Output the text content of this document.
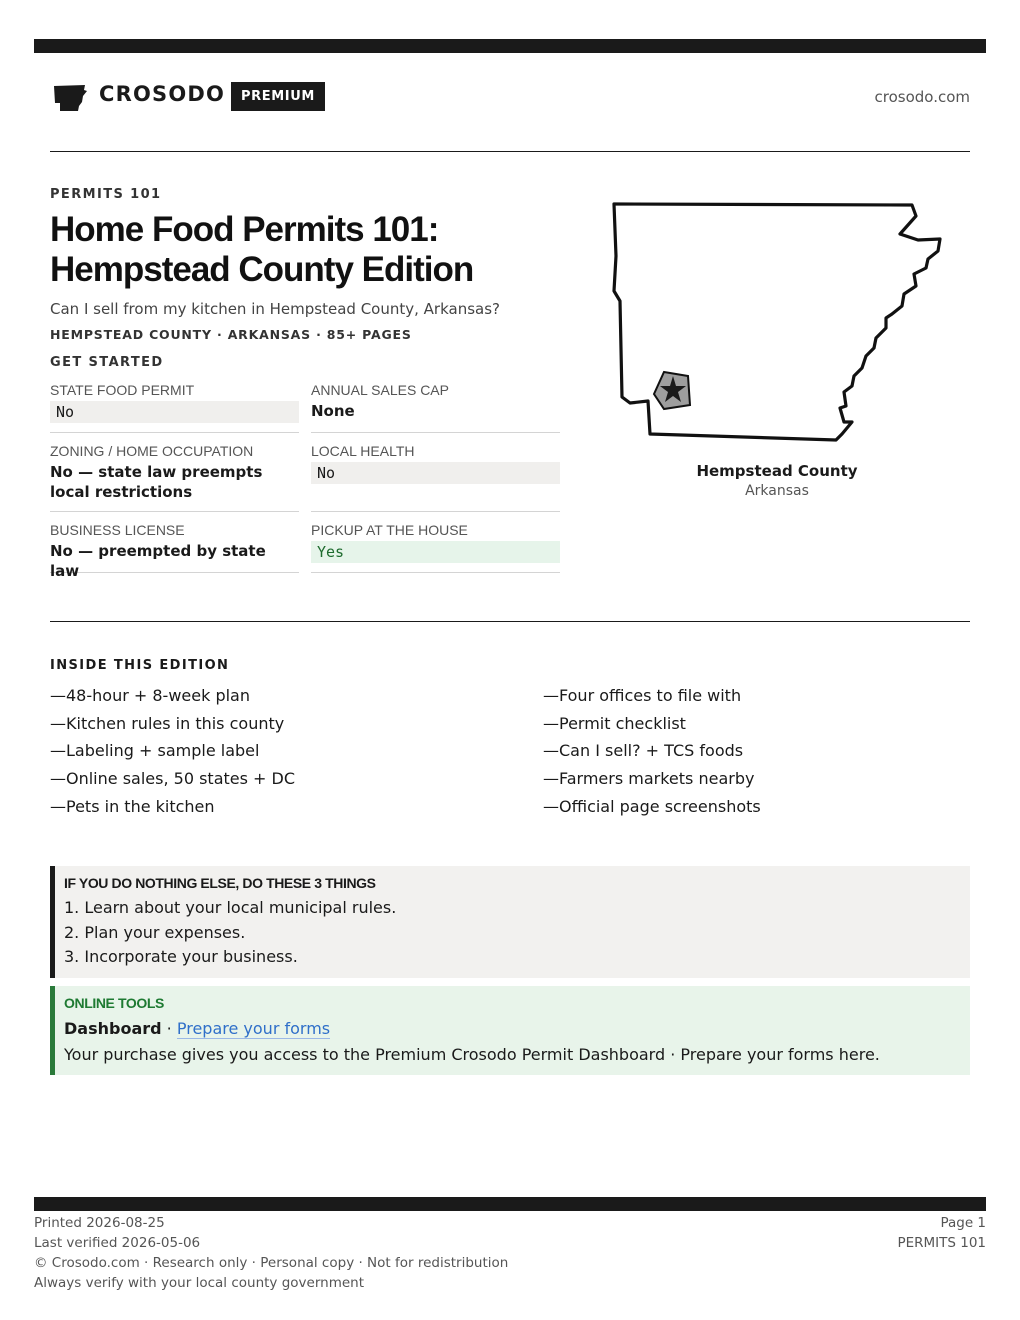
CROSODO	PREMIUM	crosodo.com
PERMITS 101
Home Food Permits 101:
Hempstead County Edition
Can I sell from my kitchen in Hempstead County, Arkansas?
HEMPSTEAD COUNTY · ARKANSAS · 85+ PAGES
GET STARTED
STATE FOOD PERMIT
No
ANNUAL SALES CAP
None
ZONING / HOME OCCUPATION
No — state law preempts local restrictions
LOCAL HEALTH
No
BUSINESS LICENSE
No — preempted by state law
PICKUP AT THE HOUSE
Yes
Hempstead County
Arkansas
INSIDE THIS EDITION
—48-hour + 8-week plan
—Kitchen rules in this county
—Labeling + sample label
—Online sales, 50 states + DC
—Pets in the kitchen
—Four offices to file with
—Permit checklist
—Can I sell? + TCS foods
—Farmers markets nearby
—Official page screenshots
IF YOU DO NOTHING ELSE, DO THESE 3 THINGS
1. Learn about your local municipal rules.
2. Plan your expenses.
3. Incorporate your business.
ONLINE TOOLS
Dashboard · Prepare your forms
Your purchase gives you access to the Premium Crosodo Permit Dashboard · Prepare your forms here.
Printed 2026-08-25
Last verified 2026-05-06
© Crosodo.com · Research only · Personal copy · Not for redistribution
Always verify with your local county government
Page 1
PERMITS 101
